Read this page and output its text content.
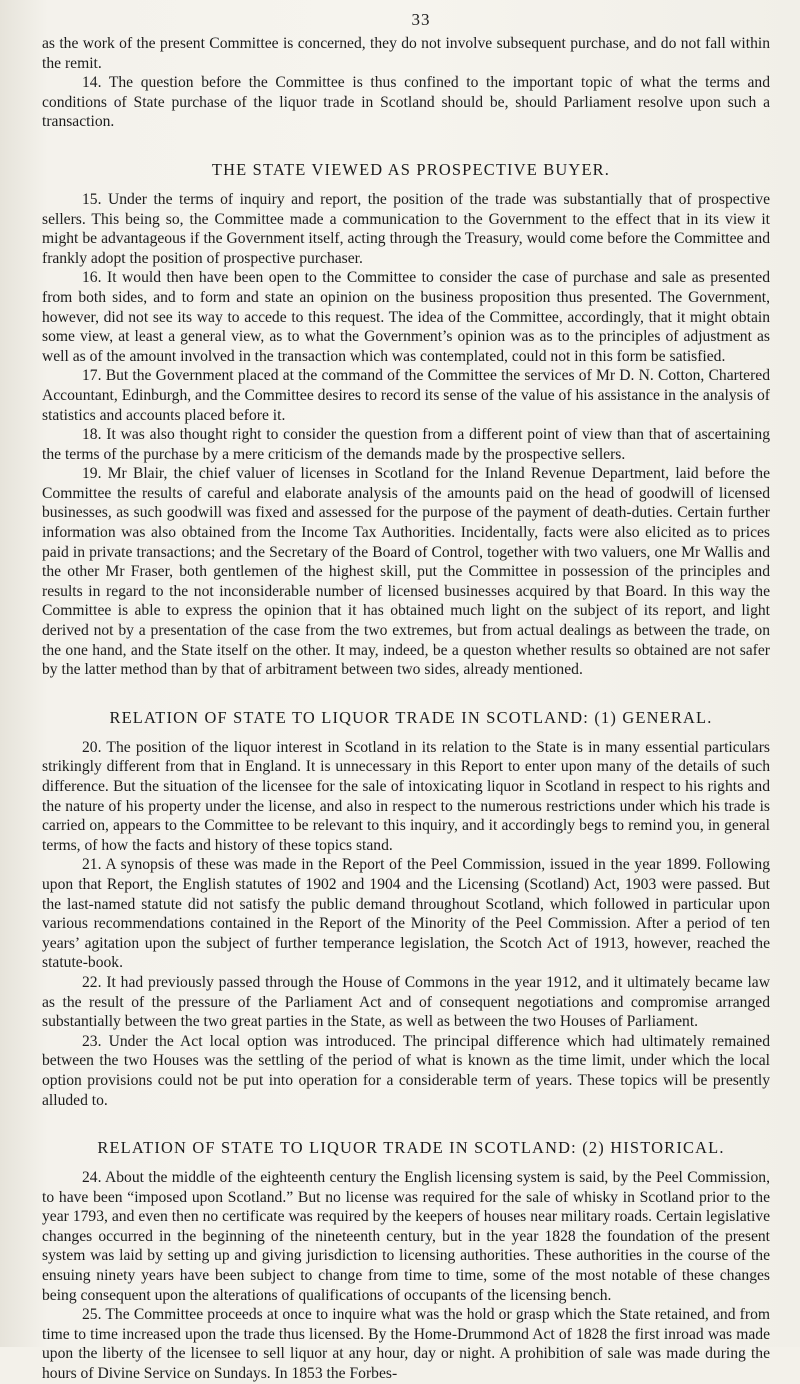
33

as the work of the present Committee is concerned, they do not involve subsequent purchase, and do not fall within the remit.

14. The question before the Committee is thus confined to the important topic of what the terms and conditions of State purchase of the liquor trade in Scotland should be, should Parliament resolve upon such a transaction.

THE STATE VIEWED AS PROSPECTIVE BUYER.

15. Under the terms of inquiry and report, the position of the trade was substantially that of prospective sellers. This being so, the Committee made a communication to the Government to the effect that in its view it might be advantageous if the Government itself, acting through the Treasury, would come before the Committee and frankly adopt the position of prospective purchaser.

16. It would then have been open to the Committee to consider the case of purchase and sale as presented from both sides, and to form and state an opinion on the business proposition thus presented. The Government, however, did not see its way to accede to this request. The idea of the Committee, accordingly, that it might obtain some view, at least a general view, as to what the Government’s opinion was as to the principles of adjustment as well as of the amount involved in the transaction which was contemplated, could not in this form be satisfied.

17. But the Government placed at the command of the Committee the services of Mr D. N. Cotton, Chartered Accountant, Edinburgh, and the Committee desires to record its sense of the value of his assistance in the analysis of statistics and accounts placed before it.

18. It was also thought right to consider the question from a different point of view than that of ascertaining the terms of the purchase by a mere criticism of the demands made by the prospective sellers.

19. Mr Blair, the chief valuer of licenses in Scotland for the Inland Revenue Department, laid before the Committee the results of careful and elaborate analysis of the amounts paid on the head of goodwill of licensed businesses, as such goodwill was fixed and assessed for the purpose of the payment of death-duties. Certain further information was also obtained from the Income Tax Authorities. Incidentally, facts were also elicited as to prices paid in private transactions; and the Secretary of the Board of Control, together with two valuers, one Mr Wallis and the other Mr Fraser, both gentlemen of the highest skill, put the Committee in possession of the principles and results in regard to the not inconsiderable number of licensed businesses acquired by that Board. In this way the Committee is able to express the opinion that it has obtained much light on the subject of its report, and light derived not by a presentation of the case from the two extremes, but from actual dealings as between the trade, on the one hand, and the State itself on the other. It may, indeed, be a queston whether results so obtained are not safer by the latter method than by that of arbitrament between two sides, already mentioned.

RELATION OF STATE TO LIQUOR TRADE IN SCOTLAND: (1) GENERAL.

20. The position of the liquor interest in Scotland in its relation to the State is in many essential particulars strikingly different from that in England. It is unnecessary in this Report to enter upon many of the details of such difference. But the situation of the licensee for the sale of intoxicating liquor in Scotland in respect to his rights and the nature of his property under the license, and also in respect to the numerous restrictions under which his trade is carried on, appears to the Committee to be relevant to this inquiry, and it accordingly begs to remind you, in general terms, of how the facts and history of these topics stand.

21. A synopsis of these was made in the Report of the Peel Commission, issued in the year 1899. Following upon that Report, the English statutes of 1902 and 1904 and the Licensing (Scotland) Act, 1903 were passed. But the last-named statute did not satisfy the public demand throughout Scotland, which followed in particular upon various recommendations contained in the Report of the Minority of the Peel Commission. After a period of ten years’ agitation upon the subject of further temperance legislation, the Scotch Act of 1913, however, reached the statute-book.

22. It had previously passed through the House of Commons in the year 1912, and it ultimately became law as the result of the pressure of the Parliament Act and of consequent negotiations and compromise arranged substantially between the two great parties in the State, as well as between the two Houses of Parliament.

23. Under the Act local option was introduced. The principal difference which had ultimately remained between the two Houses was the settling of the period of what is known as the time limit, under which the local option provisions could not be put into operation for a considerable term of years. These topics will be presently alluded to.

RELATION OF STATE TO LIQUOR TRADE IN SCOTLAND: (2) HISTORICAL.

24. About the middle of the eighteenth century the English licensing system is said, by the Peel Commission, to have been “imposed upon Scotland.” But no license was required for the sale of whisky in Scotland prior to the year 1793, and even then no certificate was required by the keepers of houses near military roads. Certain legislative changes occurred in the beginning of the nineteenth century, but in the year 1828 the foundation of the present system was laid by setting up and giving jurisdiction to licensing authorities. These authorities in the course of the ensuing ninety years have been subject to change from time to time, some of the most notable of these changes being consequent upon the alterations of qualifications of occupants of the licensing bench.

25. The Committee proceeds at once to inquire what was the hold or grasp which the State retained, and from time to time increased upon the trade thus licensed. By the Home-Drummond Act of 1828 the first inroad was made upon the liberty of the licensee to sell liquor at any hour, day or night. A prohibition of sale was made during the hours of Divine Service on Sundays. In 1853 the Forbes-
